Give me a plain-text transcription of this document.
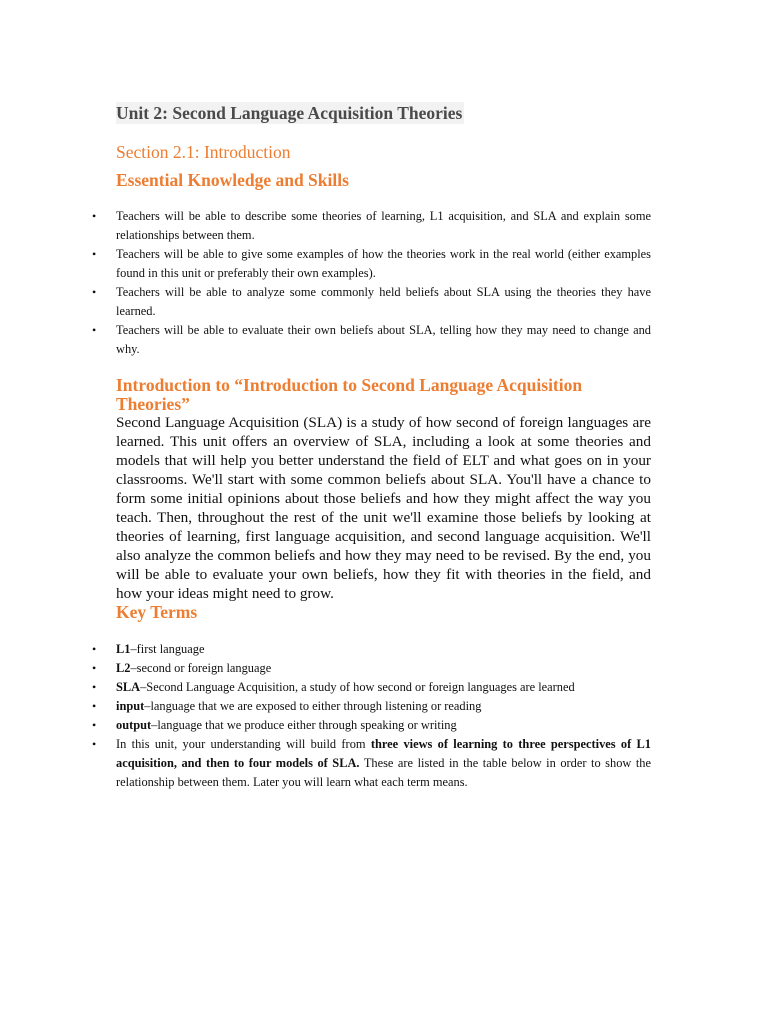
Unit 2: Second Language Acquisition Theories
Section 2.1: Introduction
Essential Knowledge and Skills
• Teachers will be able to describe some theories of learning, L1 acquisition, and SLA and explain some relationships between them.
• Teachers will be able to give some examples of how the theories work in the real world (either examples found in this unit or preferably their own examples).
• Teachers will be able to analyze some commonly held beliefs about SLA using the theories they have learned.
• Teachers will be able to evaluate their own beliefs about SLA, telling how they may need to change and why.
Introduction to “Introduction to Second Language Acquisition Theories”

Second Language Acquisition (SLA) is a study of how second of foreign languages are learned. This unit offers an overview of SLA, including a look at some theories and models that will help you better understand the field of ELT and what goes on in your classrooms. We'll start with some common beliefs about SLA. You'll have a chance to form some initial opinions about those beliefs and how they might affect the way you teach. Then, throughout the rest of the unit we'll examine those beliefs by looking at theories of learning, first language acquisition, and second language acquisition. We'll also analyze the common beliefs and how they may need to be revised. By the end, you will be able to evaluate your own beliefs, how they fit with theories in the field, and how your ideas might need to grow.

Key Terms
• L1–first language
• L2–second or foreign language
• SLA–Second Language Acquisition, a study of how second or foreign languages are learned
• input–language that we are exposed to either through listening or reading
• output–language that we produce either through speaking or writing
• In this unit, your understanding will build from three views of learning to three perspectives of L1 acquisition, and then to four models of SLA. These are listed in the table below in order to show the relationship between them. Later you will learn what each term means.
